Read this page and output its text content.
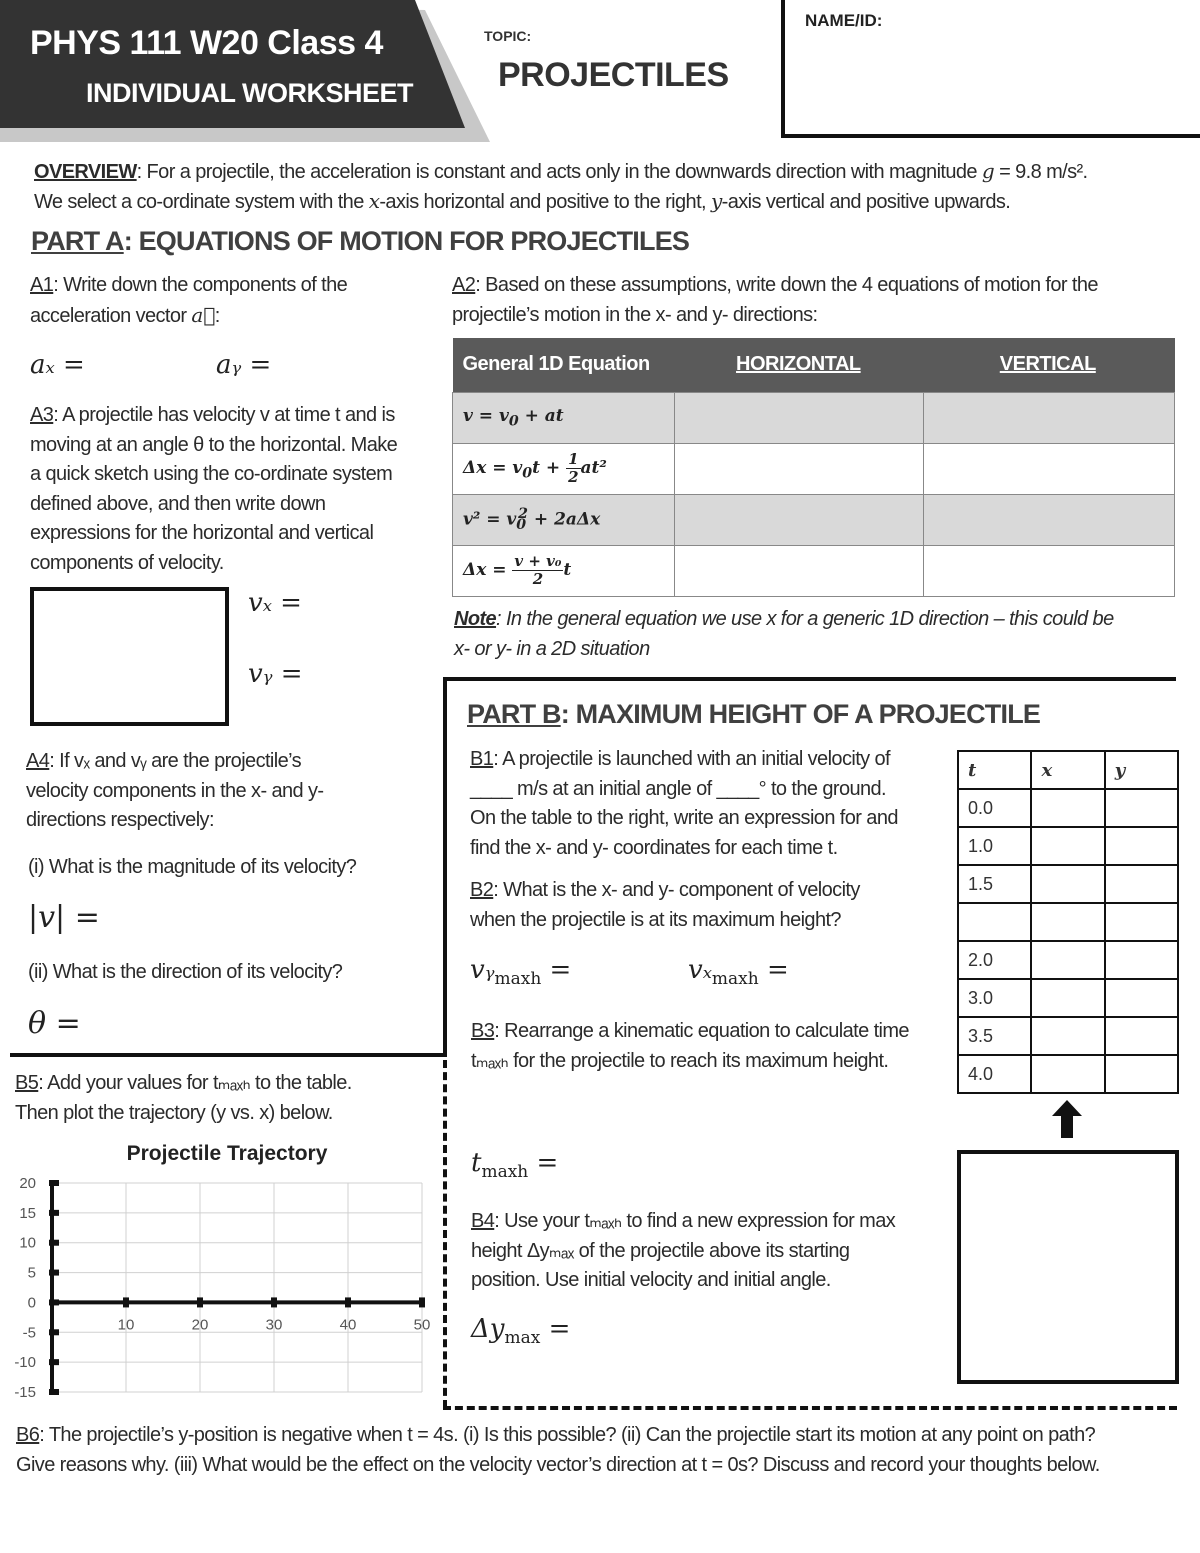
PHYS 111 W20 Class 4
INDIVIDUAL WORKSHEET
TOPIC:
PROJECTILES
NAME/ID:
OVERVIEW: For a projectile, the acceleration is constant and acts only in the downwards direction with magnitude g = 9.8 m/s².
We select a co-ordinate system with the x-axis horizontal and positive to the right, y-axis vertical and positive upwards.
PART A: EQUATIONS OF MOTION FOR PROJECTILES
A1: Write down the components of the
acceleration vector a⃗:
aₓ =	aᵧ =
A2: Based on these assumptions, write down the 4 equations of motion for the
projectile’s motion in the x- and y- directions:
General 1D Equation	HORIZONTAL	VERTICAL
$v = v_0$ + at		
$\Delta x = v_0t + \frac{1}{2} at^2$		
$v^2 = v_0^2 + 2a\Delta x$		
$\Delta x = \frac{\text{v + v₀}}{2}$ t		
Note: In the general equation we use x for a generic 1D direction – this could be
x- or y- in a 2D situation
A3: A projectile has velocity v at time t and is
moving at an angle θ to the horizontal. Make
a quick sketch using the co-ordinate system
defined above, and then write down
expressions for the horizontal and vertical
components of velocity.
vₓ =
vᵧ =
A4: If vₓ and vᵧ are the projectile’s
velocity components in the x- and y-
directions respectively:
(i) What is the magnitude of its velocity?
|v| =
(ii) What is the direction of its velocity?
θ =
PART B: MAXIMUM HEIGHT OF A PROJECTILE
B1: A projectile is launched with an initial velocity of
____ m/s at an initial angle of ____° to the ground.
On the table to the right, write an expression for and
find the x- and y- coordinates for each time t.
B2: What is the x- and y- component of velocity
when the projectile is at its maximum height?
vᵧ$_{maxh}$ =	vₓ$_{maxh}$ =
B3: Rearrange a kinematic equation to calculate time
tₘₐₓₕ for the projectile to reach its maximum height.
$t_{maxh}$ =
B4: Use your tₘₐₓₕ to find a new expression for max
height Δyₘₐₓ of the projectile above its starting
position. Use initial velocity and initial angle.
$\Delta y_{max}$ =
t	x	y
0.0		
1.0		
1.5		

2.0		
3.0		
3.5		
4.0		
B5: Add your values for tₘₐₓₕ to the table.
Then plot the trajectory (y vs. x) below.
Projectile Trajectory
20
15
10
5
0
-5
-10
-15
10	20	30	40	50
B6: The projectile’s y-position is negative when t = 4s. (i) Is this possible? (ii) Can the projectile start its motion at any point on path?
Give reasons why. (iii) What would be the effect on the velocity vector’s direction at t = 0s? Discuss and record your thoughts below.
